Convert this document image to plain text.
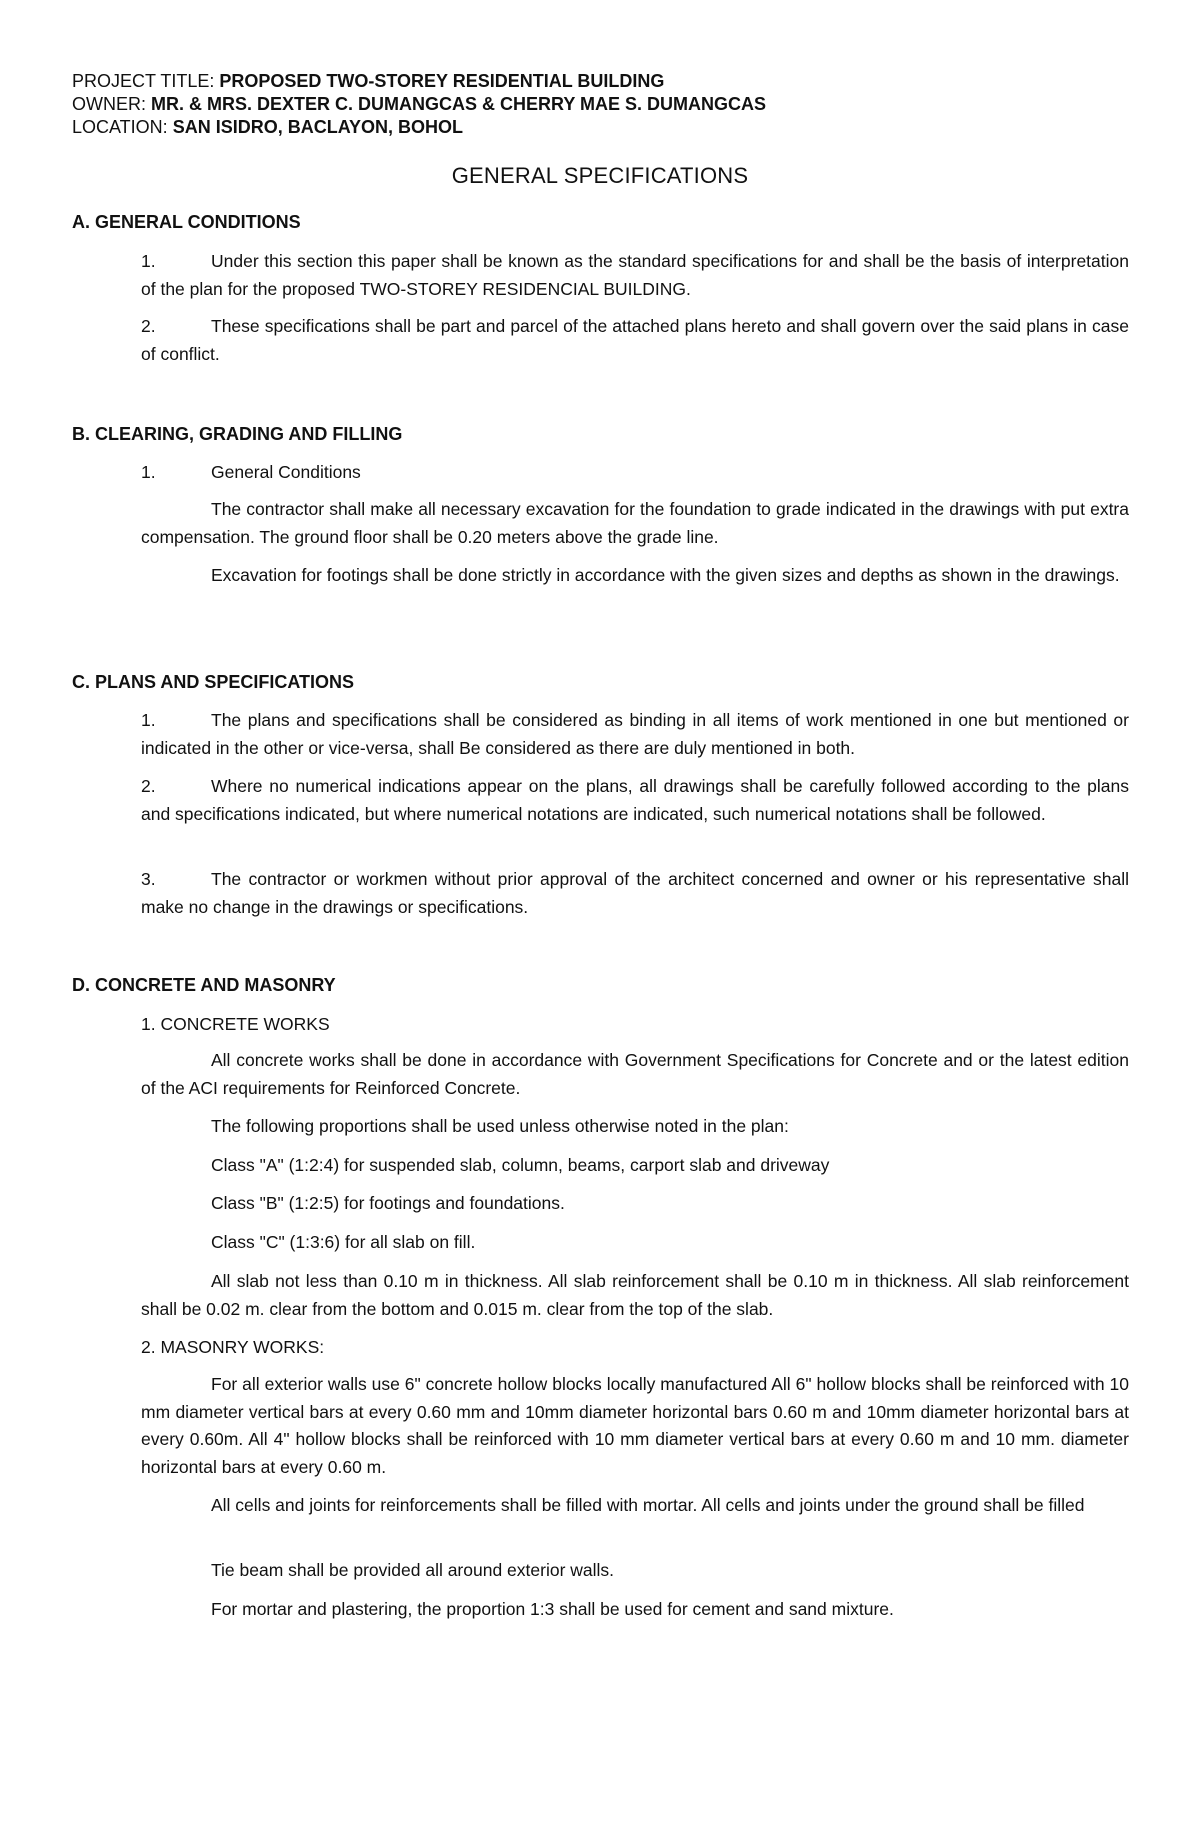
PROJECT TITLE: PROPOSED TWO-STOREY RESIDENTIAL BUILDING
OWNER: MR. & MRS. DEXTER C. DUMANGCAS & CHERRY MAE S. DUMANGCAS
LOCATION: SAN ISIDRO, BACLAYON, BOHOL
GENERAL SPECIFICATIONS
A. GENERAL CONDITIONS
1.	Under this section this paper shall be known as the standard specifications for and shall be the basis of interpretation of the plan for the proposed TWO-STOREY RESIDENCIAL BUILDING.
2.	These specifications shall be part and parcel of the attached plans hereto and shall govern over the said plans in case of conflict.
B. CLEARING, GRADING AND FILLING
1.	General Conditions
The contractor shall make all necessary excavation for the foundation to grade indicated in the drawings with put extra compensation. The ground floor shall be 0.20 meters above the grade line.
Excavation for footings shall be done strictly in accordance with the given sizes and depths as shown in the drawings.
C. PLANS AND SPECIFICATIONS
1.	The plans and specifications shall be considered as binding in all items of work mentioned in one but mentioned or indicated in the other or vice-versa, shall Be considered as there are duly mentioned in both.
2.	Where no numerical indications appear on the plans, all drawings shall be carefully followed according to the plans and specifications indicated, but where numerical notations are indicated, such numerical notations shall be followed.
3.	The contractor or workmen without prior approval of the architect concerned and owner or his representative shall make no change in the drawings or specifications.
D. CONCRETE AND MASONRY
1. CONCRETE WORKS
All concrete works shall be done in accordance with Government Specifications for Concrete and or the latest edition of the ACI requirements for Reinforced Concrete.
The following proportions shall be used unless otherwise noted in the plan:
Class "A" (1:2:4) for suspended slab, column, beams, carport slab and driveway
Class "B" (1:2:5) for footings and foundations.
Class "C" (1:3:6) for all slab on fill.
All slab not less than 0.10 m in thickness. All slab reinforcement shall be 0.10 m in thickness. All slab reinforcement shall be 0.02 m. clear from the bottom and 0.015 m. clear from the top of the slab.
2. MASONRY WORKS:
For all exterior walls use 6" concrete hollow blocks locally manufactured All 6" hollow blocks shall be reinforced with 10 mm diameter vertical bars at every 0.60 mm and 10mm diameter horizontal bars 0.60 m and 10mm diameter horizontal bars at every 0.60m. All 4" hollow blocks shall be reinforced with 10 mm diameter vertical bars at every 0.60 m and 10 mm. diameter horizontal bars at every 0.60 m.
All cells and joints for reinforcements shall be filled with mortar. All cells and joints under the ground shall be filled
Tie beam shall be provided all around exterior walls.
For mortar and plastering, the proportion 1:3 shall be used for cement and sand mixture.
